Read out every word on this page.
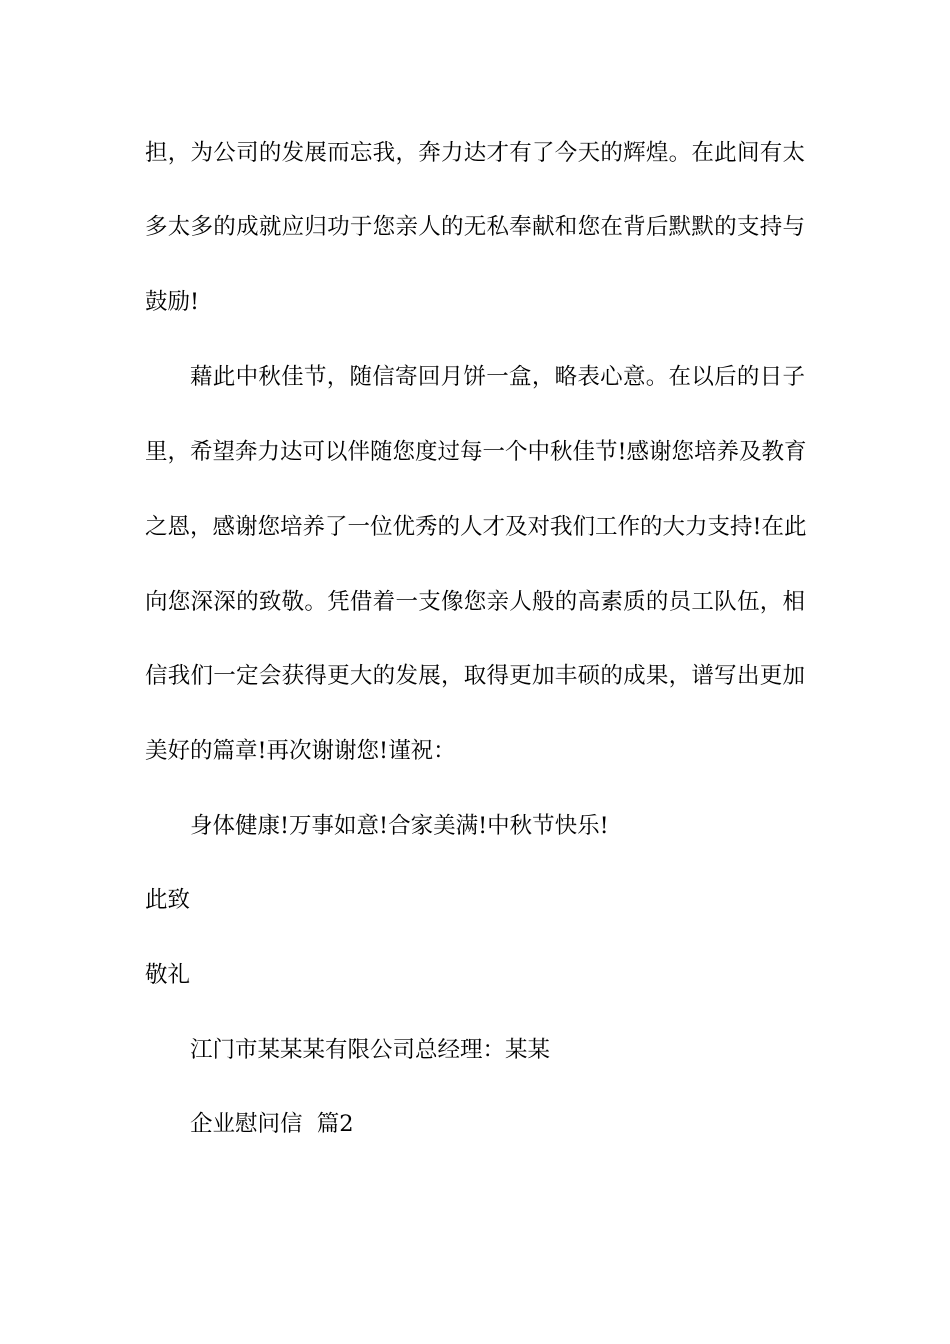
担，为公司的发展而忘我，奔力达才有了今天的辉煌。在此间有太
多太多的成就应归功于您亲人的无私奉献和您在背后默默的支持与
鼓励!
藉此中秋佳节，随信寄回月饼一盒，略表心意。在以后的日子
里，希望奔力达可以伴随您度过每一个中秋佳节!感谢您培养及教育
之恩，感谢您培养了一位优秀的人才及对我们工作的大力支持!在此
向您深深的致敬。凭借着一支像您亲人般的高素质的员工队伍，相
信我们一定会获得更大的发展，取得更加丰硕的成果，谱写出更加
美好的篇章!再次谢谢您!谨祝：
身体健康!万事如意!合家美满!中秋节快乐!
此致
敬礼
江门市某某某有限公司总经理：某某
企业慰问信  篇2
